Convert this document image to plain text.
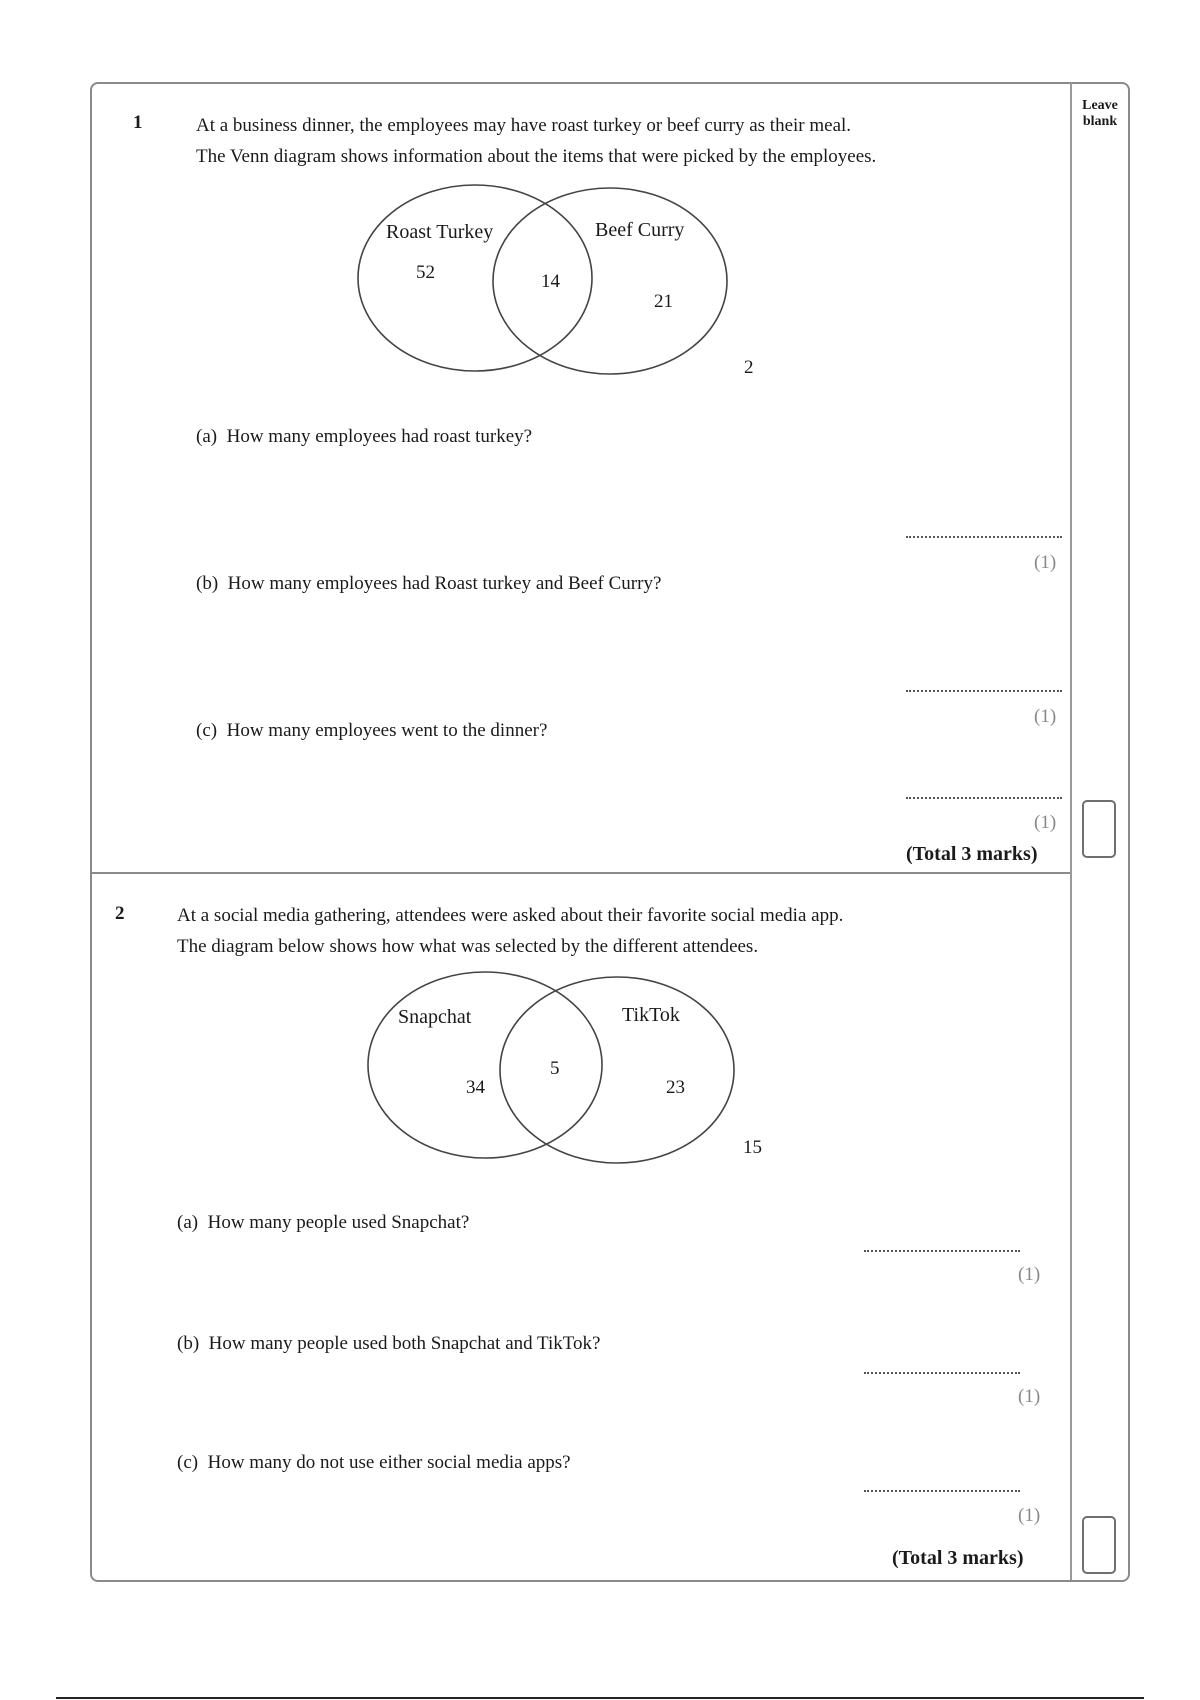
Leave blank
1	At a business dinner, the employees may have roast turkey or beef curry as their meal.
The Venn diagram shows information about the items that were picked by the employees.
Roast Turkey	Beef Curry
52	14
21
2
(a) How many employees had roast turkey?
(1)
(b) How many employees had Roast turkey and Beef Curry?
(1)
(c) How many employees went to the dinner?
(1)
(Total 3 marks)
2	At a social media gathering, attendees were asked about their favorite social media app.
The diagram below shows how what was selected by the different attendees.
Snapchat	TikTok
34
5
23
15
(a) How many people used Snapchat?
(1)
(b) How many people used both Snapchat and TikTok?
(1)
(c) How many do not use either social media apps?
(1)
(Total 3 marks)
